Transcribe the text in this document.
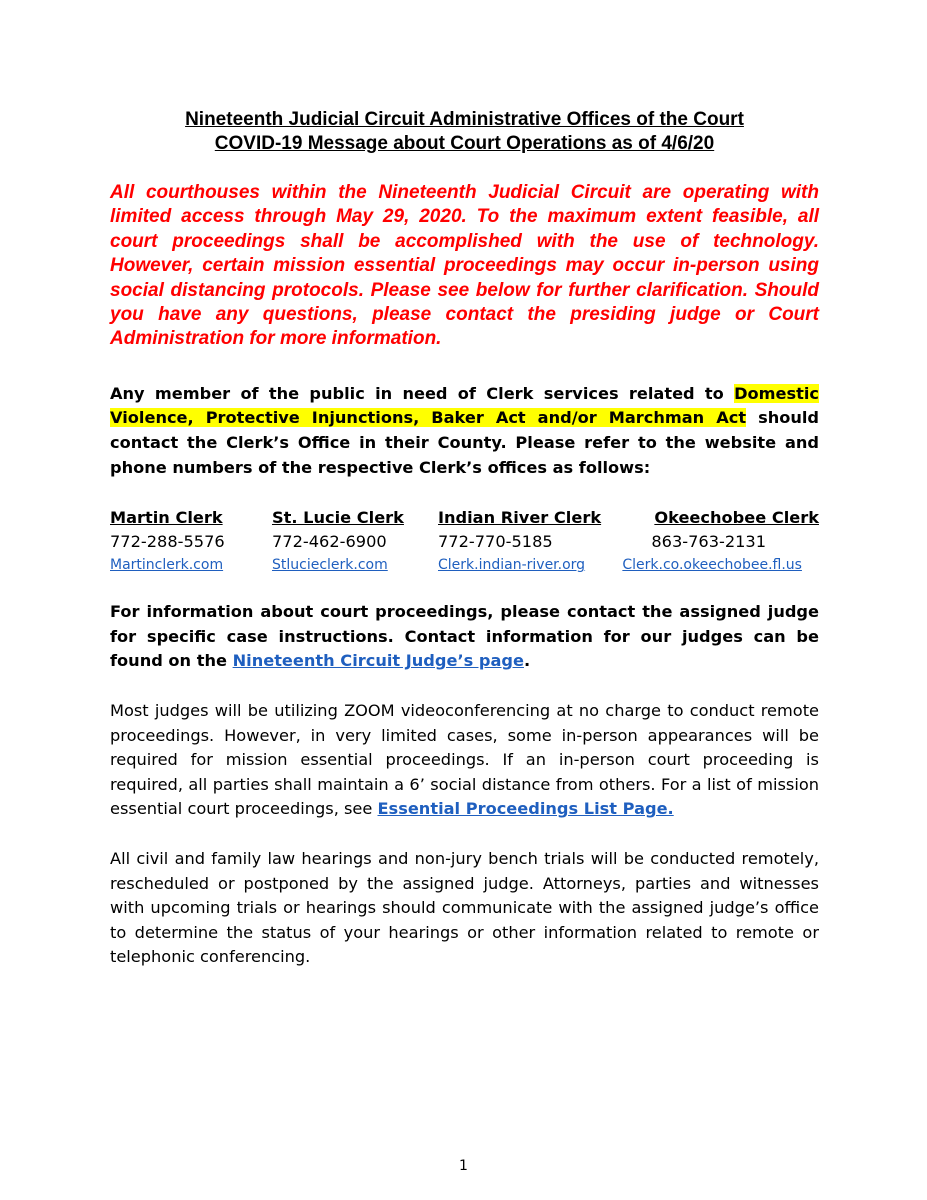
Nineteenth Judicial Circuit Administrative Offices of the Court

COVID-19 Message about Court Operations as of 4/6/20

All courthouses within the Nineteenth Judicial Circuit are operating with limited access through May 29, 2020. To the maximum extent feasible, all court proceedings shall be accomplished with the use of technology. However, certain mission essential proceedings may occur in-person using social distancing protocols. Please see below for further clarification. Should you have any questions, please contact the presiding judge or Court Administration for more information.
Any member of the public in need of Clerk services related to Domestic Violence, Protective Injunctions, Baker Act and/or Marchman Act should contact the Clerk’s Office in their County. Please refer to the website and phone numbers of the respective Clerk’s offices as follows:
Martin Clerk
772-288-5576
Martinclerk.com
St. Lucie Clerk
772-462-6900
Stlucieclerk.com
Indian River Clerk
772-770-5185
Clerk.indian-river.org
Okeechobee Clerk
863-763-2131
Clerk.co.okeechobee.fl.us
For information about court proceedings, please contact the assigned judge for specific case instructions. Contact information for our judges can be found on the Nineteenth Circuit Judge’s page.
Most judges will be utilizing ZOOM videoconferencing at no charge to conduct remote proceedings. However, in very limited cases, some in-person appearances will be required for mission essential proceedings. If an in-person court proceeding is required, all parties shall maintain a 6’ social distance from others. For a list of mission essential court proceedings, see Essential Proceedings List Page.
All civil and family law hearings and non-jury bench trials will be conducted remotely, rescheduled or postponed by the assigned judge. Attorneys, parties and witnesses with upcoming trials or hearings should communicate with the assigned judge’s office to determine the status of your hearings or other information related to remote or telephonic conferencing.
1
